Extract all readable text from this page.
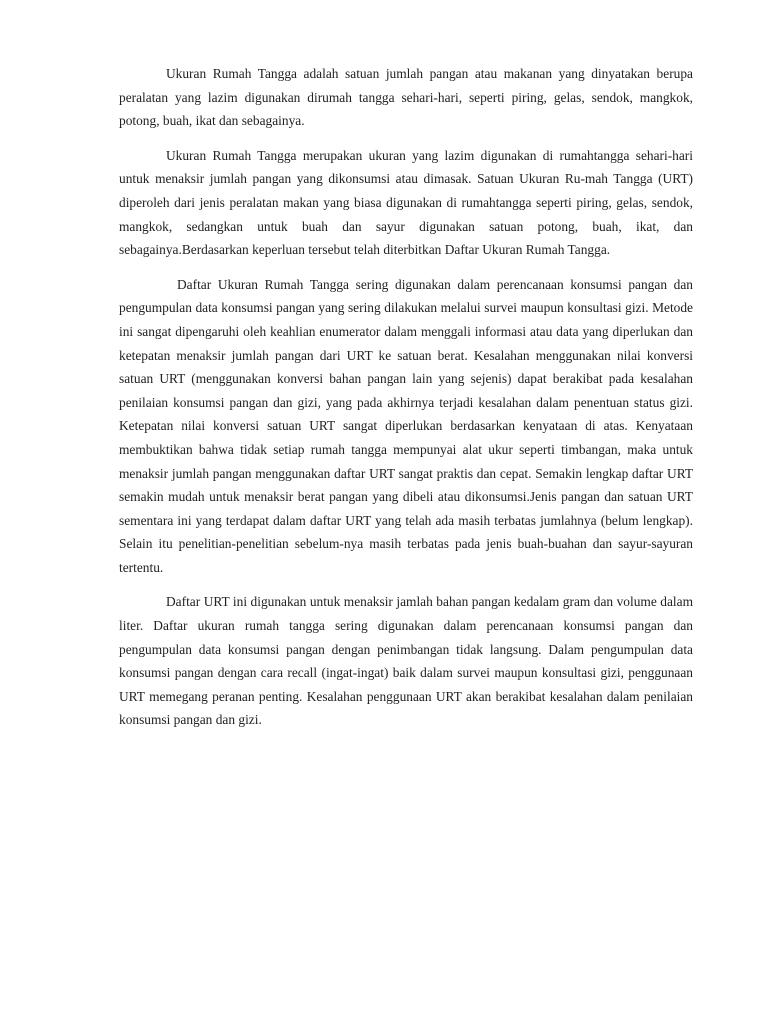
Ukuran Rumah Tangga adalah satuan jumlah pangan atau makanan yang dinyatakan berupa peralatan yang lazim digunakan dirumah tangga sehari-hari, seperti piring, gelas, sendok, mangkok, potong, buah, ikat dan sebagainya.

Ukuran Rumah Tangga merupakan ukuran yang lazim digunakan di rumahtangga sehari-hari untuk menaksir jumlah pangan yang dikonsumsi atau dimasak. Satuan Ukuran Ru-mah Tangga (URT) diperoleh dari jenis peralatan makan yang biasa digunakan di rumahtangga seperti piring, gelas, sendok, mangkok, sedangkan untuk buah dan sayur digunakan satuan potong, buah, ikat, dan sebagainya.Berdasarkan keperluan tersebut telah diterbitkan Daftar Ukuran Rumah Tangga.

Daftar Ukuran Rumah Tangga sering digunakan dalam perencanaan konsumsi pangan dan pengumpulan data konsumsi pangan yang sering dilakukan melalui survei maupun konsultasi gizi. Metode ini sangat dipengaruhi oleh keahlian enumerator dalam menggali informasi atau data yang diperlukan dan ketepatan menaksir jumlah pangan dari URT ke satuan berat. Kesalahan menggunakan nilai konversi satuan URT (menggunakan konversi bahan pangan lain yang sejenis) dapat berakibat pada kesalahan penilaian konsumsi pangan dan gizi, yang pada akhirnya terjadi kesalahan dalam penentuan status gizi. Ketepatan nilai konversi satuan URT sangat diperlukan berdasarkan kenyataan di atas. Kenyataan membuktikan bahwa tidak setiap rumah tangga mempunyai alat ukur seperti timbangan, maka untuk menaksir jumlah pangan menggunakan daftar URT sangat praktis dan cepat. Semakin lengkap daftar URT semakin mudah untuk menaksir berat pangan yang dibeli atau dikonsumsi.Jenis pangan dan satuan URT sementara ini yang terdapat dalam daftar URT yang telah ada masih terbatas jumlahnya (belum lengkap). Selain itu penelitian-penelitian sebelum-nya masih terbatas pada jenis buah-buahan dan sayur-sayuran tertentu.

Daftar URT ini digunakan untuk menaksir jamlah bahan pangan kedalam gram dan volume dalam liter. Daftar ukuran rumah tangga sering digunakan dalam perencanaan konsumsi pangan dan pengumpulan data konsumsi pangan dengan penimbangan tidak langsung. Dalam pengumpulan data konsumsi pangan dengan cara recall (ingat-ingat) baik dalam survei maupun konsultasi gizi, penggunaan URT memegang peranan penting. Kesalahan penggunaan URT akan berakibat kesalahan dalam penilaian konsumsi pangan dan gizi.
